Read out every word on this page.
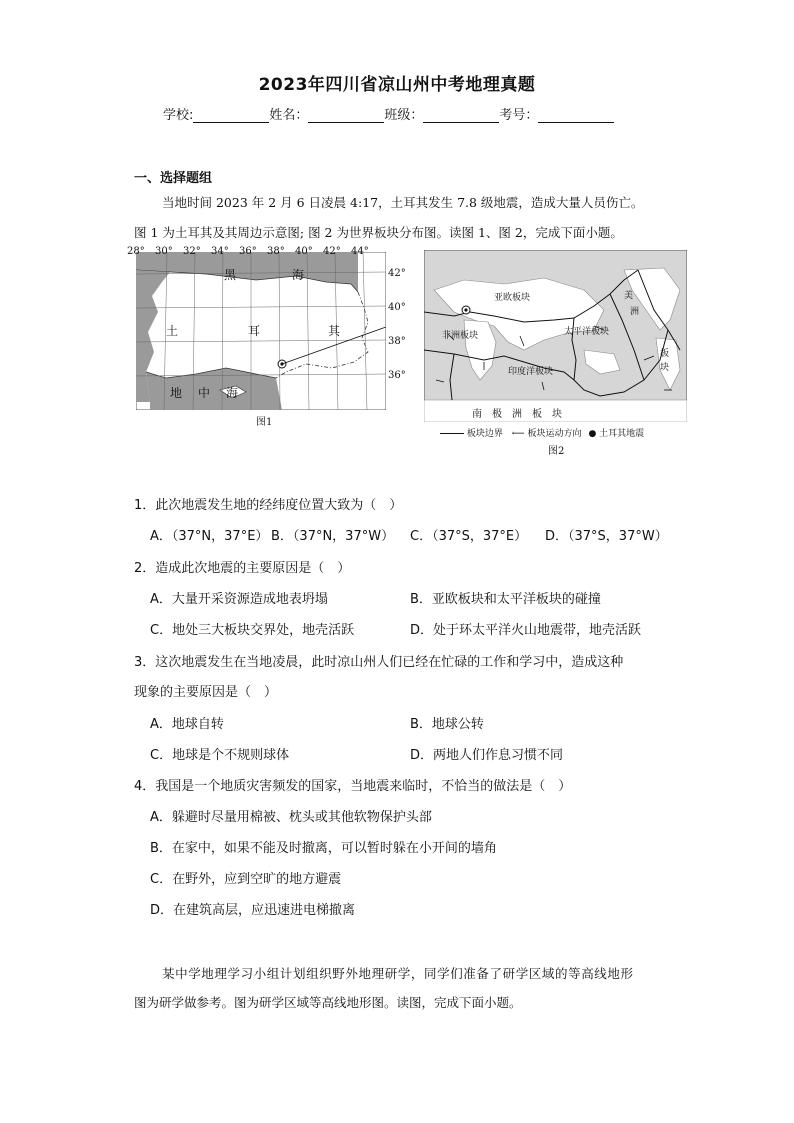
2023年四川省凉山州中考地理真题
学校:	姓名：	班级：	考号：
一、选择题组
当地时间 2023 年 2 月 6 日凌晨 4:17，土耳其发生 7.8 级地震，造成大量人员伤亡。
图 1 为土耳其及其周边示意图; 图 2 为世界板块分布图。读图 1、图 2，完成下面小题。
28° 30° 32° 34° 36° 38° 40° 42° 44°
42°
40°
38°
36°
黑	海
土	耳	其
地 中 海
图1
亚欧板块
非洲板块	太平洋板块
印度洋板块
美
洲
板
块
南　极　洲　板　块
板块边界 ⟵ 板块运动方向 ● 土耳其地震
图2
1．此次地震发生地的经纬度位置大致为（　）
A．（37°N，37°E） B．（37°N，37°W） C．（37°S，37°E） D．（37°S，37°W）
2．造成此次地震的主要原因是（　）
A．大量开采资源造成地表坍塌	B．亚欧板块和太平洋板块的碰撞
C．地处三大板块交界处，地壳活跃	D．处于环太平洋火山地震带，地壳活跃
3．这次地震发生在当地凌晨，此时凉山州人们已经在忙碌的工作和学习中，造成这种
现象的主要原因是（　）
A．地球自转	B．地球公转
C．地球是个不规则球体	D．两地人们作息习惯不同
4．我国是一个地质灾害频发的国家，当地震来临时，不恰当的做法是（　）
A．躲避时尽量用棉被、枕头或其他软物保护头部
B．在家中，如果不能及时撤离，可以暂时躲在小开间的墙角
C．在野外，应到空旷的地方避震
D．在建筑高层，应迅速进电梯撤离
某中学地理学习小组计划组织野外地理研学，同学们准备了研学区域的等高线地形
图为研学做参考。图为研学区域等高线地形图。读图，完成下面小题。
